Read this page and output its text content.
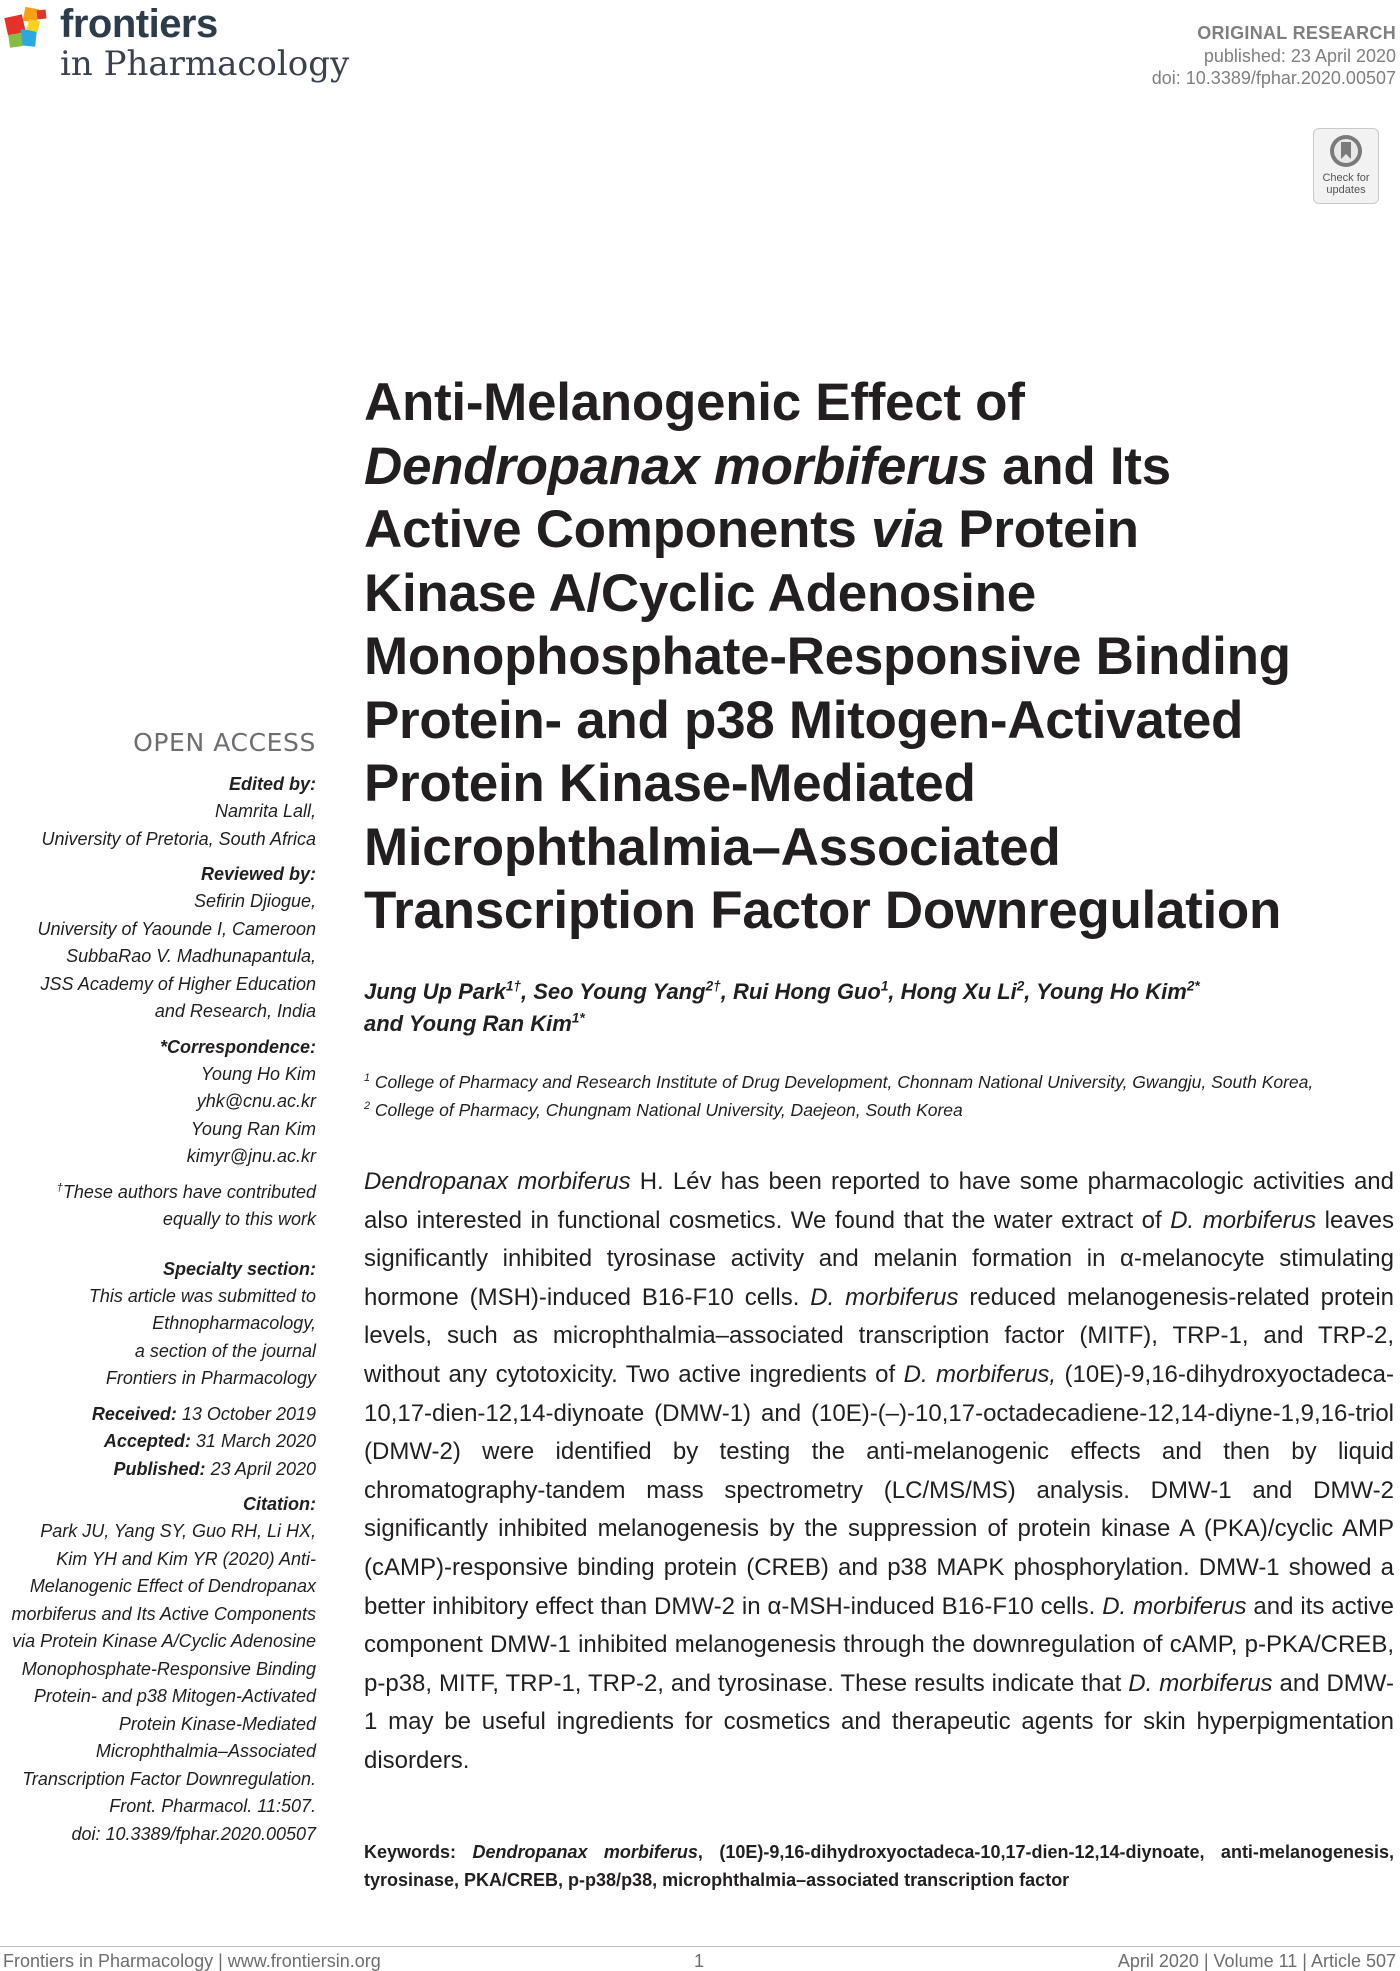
frontiers
in Pharmacology
ORIGINAL RESEARCH
published: 23 April 2020
doi: 10.3389/fphar.2020.00507
Check for
updates
OPEN ACCESS
Edited by:
Namrita Lall,
University of Pretoria, South Africa
Reviewed by:
Sefirin Djiogue,
University of Yaounde I, Cameroon
SubbaRao V. Madhunapantula,
JSS Academy of Higher Education
and Research, India
*Correspondence:
Young Ho Kim
yhk@cnu.ac.kr
Young Ran Kim
kimyr@jnu.ac.kr
†These authors have contributed
equally to this work
Specialty section:
This article was submitted to
Ethnopharmacology,
a section of the journal
Frontiers in Pharmacology
Received: 13 October 2019
Accepted: 31 March 2020
Published: 23 April 2020
Citation:
Park JU, Yang SY, Guo RH, Li HX,
Kim YH and Kim YR (2020) Anti-
Melanogenic Effect of Dendropanax
morbiferus and Its Active Components
via Protein Kinase A/Cyclic Adenosine
Monophosphate-Responsive Binding
Protein- and p38 Mitogen-Activated
Protein Kinase-Mediated
Microphthalmia–Associated
Transcription Factor Downregulation.
Front. Pharmacol. 11:507.
doi: 10.3389/fphar.2020.00507
Anti-Melanogenic Effect of
Dendropanax morbiferus and Its
Active Components via Protein
Kinase A/Cyclic Adenosine
Monophosphate-Responsive Binding
Protein- and p38 Mitogen-Activated
Protein Kinase-Mediated
Microphthalmia–Associated
Transcription Factor Downregulation
Jung Up Park$^{1\dagger}$, Seo Young Yang$^{2\dagger}$, Rui Hong Guo$^1$, Hong Xu Li$^2$, Young Ho Kim$^{2*}$
and Young Ran Kim$^{1*}$
$^1$ College of Pharmacy and Research Institute of Drug Development, Chonnam National University, Gwangju, South Korea,
$^2$ College of Pharmacy, Chungnam National University, Daejeon, South Korea
Dendropanax morbiferus H. Lév has been reported to have some pharmacologic activities and also interested in functional cosmetics. We found that the water extract of D. morbiferus leaves significantly inhibited tyrosinase activity and melanin formation in α-melanocyte stimulating hormone (MSH)-induced B16-F10 cells. D. morbiferus reduced melanogenesis-related protein levels, such as microphthalmia–associated transcription factor (MITF), TRP-1, and TRP-2, without any cytotoxicity. Two active ingredients of D. morbiferus, (10E)-9,16-dihydroxyoctadeca-10,17-dien-12,14-diynoate (DMW-1) and (10E)-(–)-10,17-octadecadiene-12,14-diyne-1,9,16-triol (DMW-2) were identified by testing the anti-melanogenic effects and then by liquid chromatography-tandem mass spectrometry (LC/MS/MS) analysis. DMW-1 and DMW-2 significantly inhibited melanogenesis by the suppression of protein kinase A (PKA)/cyclic AMP (cAMP)-responsive binding protein (CREB) and p38 MAPK phosphorylation. DMW-1 showed a better inhibitory effect than DMW-2 in α-MSH-induced B16-F10 cells. D. morbiferus and its active component DMW-1 inhibited melanogenesis through the downregulation of cAMP, p-PKA/CREB, p-p38, MITF, TRP-1, TRP-2, and tyrosinase. These results indicate that D. morbiferus and DMW-1 may be useful ingredients for cosmetics and therapeutic agents for skin hyperpigmentation disorders.
Keywords: Dendropanax morbiferus, (10E)-9,16-dihydroxyoctadeca-10,17-dien-12,14-diynoate, anti-melanogenesis, tyrosinase, PKA/CREB, p-p38/p38, microphthalmia–associated transcription factor
Frontiers in Pharmacology | www.frontiersin.org	1	April 2020 | Volume 11 | Article 507
